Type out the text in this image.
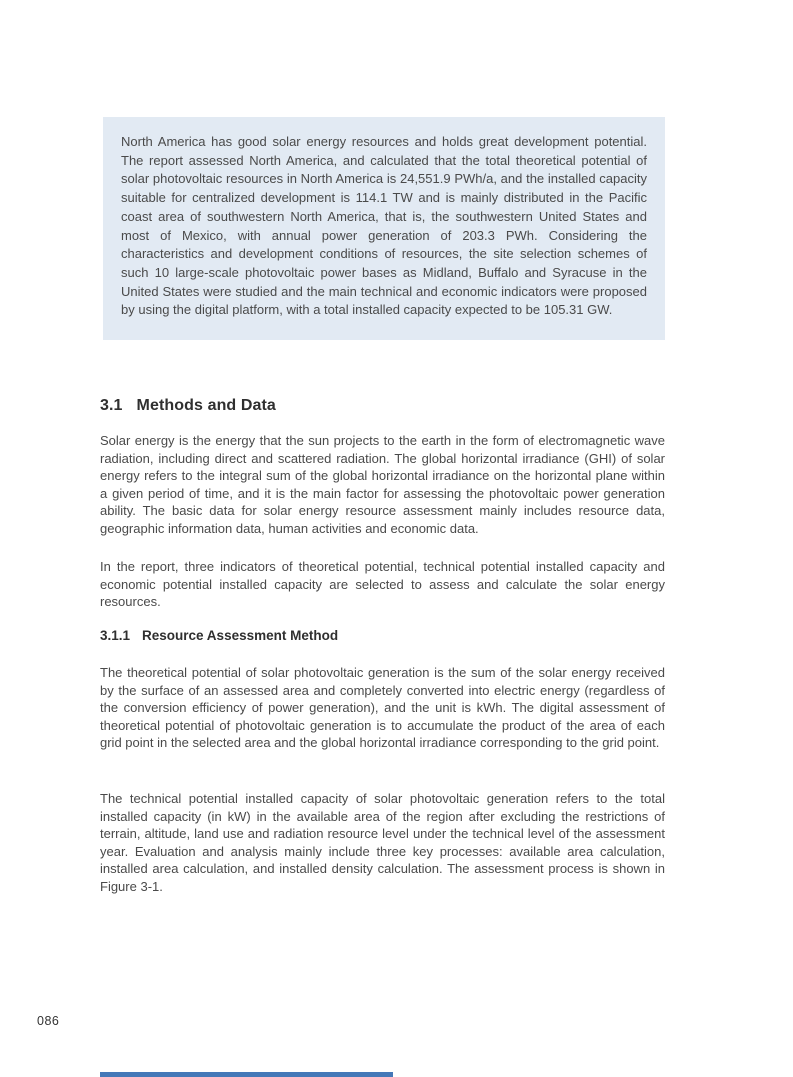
North America has good solar energy resources and holds great development potential. The report assessed North America, and calculated that the total theoretical potential of solar photovoltaic resources in North America is 24,551.9 PWh/a, and the installed capacity suitable for centralized development is 114.1 TW and is mainly distributed in the Pacific coast area of southwestern North America, that is, the southwestern United States and most of Mexico, with annual power generation of 203.3 PWh. Considering the characteristics and development conditions of resources, the site selection schemes of such 10 large-scale photovoltaic power bases as Midland, Buffalo and Syracuse in the United States were studied and the main technical and economic indicators were proposed by using the digital platform, with a total installed capacity expected to be 105.31 GW.

3.1 Methods and Data

Solar energy is the energy that the sun projects to the earth in the form of electromagnetic wave radiation, including direct and scattered radiation. The global horizontal irradiance (GHI) of solar energy refers to the integral sum of the global horizontal irradiance on the horizontal plane within a given period of time, and it is the main factor for assessing the photovoltaic power generation ability. The basic data for solar energy resource assessment mainly includes resource data, geographic information data, human activities and economic data.

In the report, three indicators of theoretical potential, technical potential installed capacity and economic potential installed capacity are selected to assess and calculate the solar energy resources.

3.1.1 Resource Assessment Method

The theoretical potential of solar photovoltaic generation is the sum of the solar energy received by the surface of an assessed area and completely converted into electric energy (regardless of the conversion efficiency of power generation), and the unit is kWh. The digital assessment of theoretical potential of photovoltaic generation is to accumulate the product of the area of each grid point in the selected area and the global horizontal irradiance corresponding to the grid point.

The technical potential installed capacity of solar photovoltaic generation refers to the total installed capacity (in kW) in the available area of the region after excluding the restrictions of terrain, altitude, land use and radiation resource level under the technical level of the assessment year. Evaluation and analysis mainly include three key processes: available area calculation, installed area calculation, and installed density calculation. The assessment process is shown in Figure 3-1.

086
